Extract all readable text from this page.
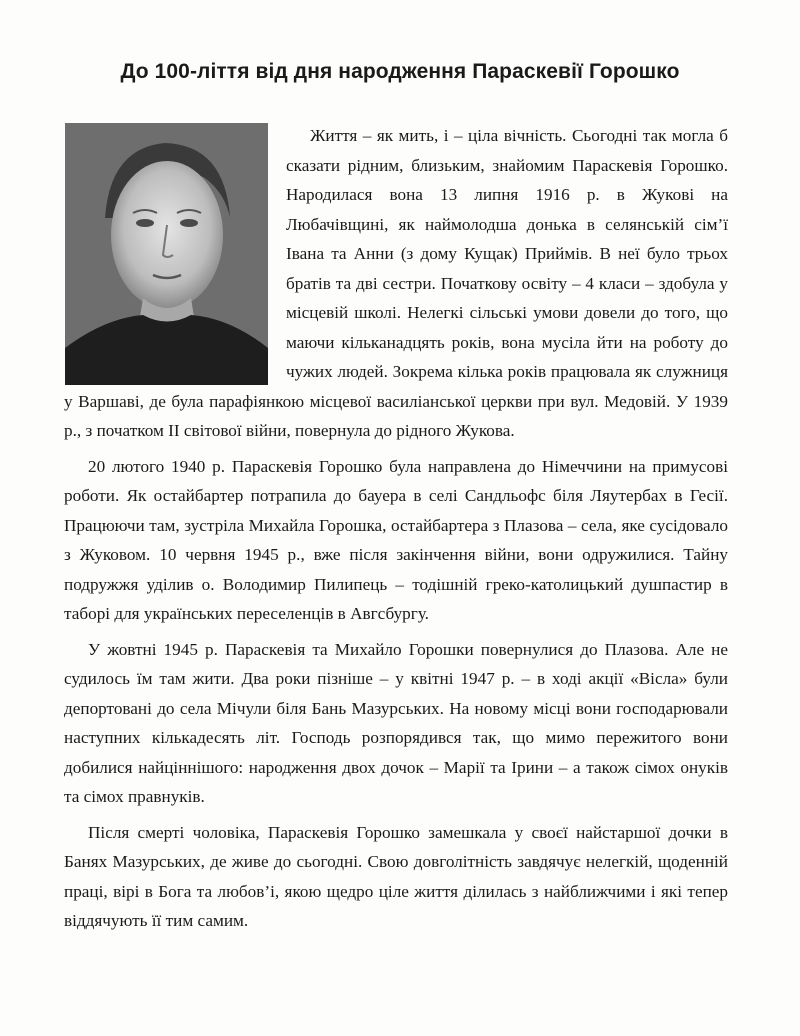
До 100-ліття від дня народження Параскевії Горошко

Життя – як мить, і – ціла вічність. Сьогодні так могла б сказати рідним, близьким, знайомим Параскевія Горошко. Народилася вона 13 липня 1916 р. в Жукові на Любачівщині, як наймолодша донька в селянській сім’ї Івана та Анни (з дому Кущак) Приймів. В неї було трьох братів та дві сестри. Початкову освіту – 4 класи – здобула у місцевій школі. Нелегкі сільські умови довели до того, що маючи кільканадцять років, вона мусіла йти на роботу до чужих людей. Зокрема кілька років працювала як служниця у Варшаві, де була парафіянкою місцевої василіанської церкви при вул. Медовій. У 1939 р., з початком II світової війни, повернула до рідного Жукова.

20 лютого 1940 р. Параскевія Горошко була направлена до Німеччини на примусові роботи. Як остайбартер потрапила до бауера в селі Сандльофс біля Ляутербах в Гесії. Працюючи там, зустріла Михайла Горошка, остайбартера з Плазова – села, яке сусідовало з Жуковом. 10 червня 1945 р., вже після закінчення війни, вони одружилися. Тайну подружжя уділив о. Володимир Пилипець – тодішній греко-католицький душпастир в таборі для українських переселенців в Авгсбургу.

У жовтні 1945 р. Параскевія та Михайло Горошки повернулися до Плазова. Але не судилось їм там жити. Два роки пізніше – у квітні 1947 р. – в ході акції «Вісла» були депортовані до села Мічули біля Бань Мазурських. На новому місці вони господарювали наступних кількадесять літ. Господь розпорядився так, що мимо пережитого вони добилися найціннішого: народження двох дочок – Марії та Ірини – а також сімох онуків та сімох правнуків.

Після смерті чоловіка, Параскевія Горошко замешкала у своєї найстаршої дочки в Банях Мазурських, де живе до сьогодні. Свою довголітність завдячує нелегкій, щоденній праці, вірі в Бога та любов’і, якою щедро ціле життя ділилась з найближчими і які тепер віддячують її тим самим.
